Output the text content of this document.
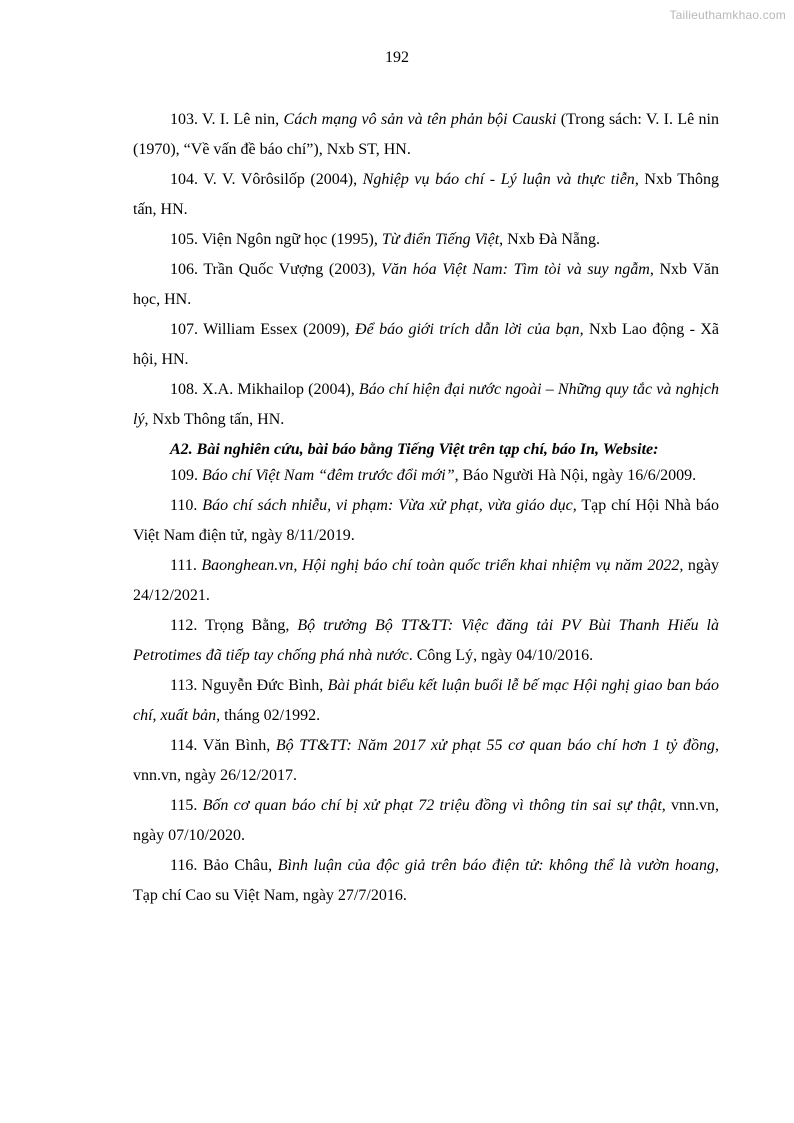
Tailieuthamkhao.com
192

103. V. I. Lê nin, Cách mạng vô sản và tên phản bội Causki (Trong sách: V. I. Lê nin (1970), “Về vấn đề báo chí”), Nxb ST, HN.

104. V. V. Vôrôsilốp (2004), Nghiệp vụ báo chí - Lý luận và thực tiễn, Nxb Thông tấn, HN.

105. Viện Ngôn ngữ học (1995), Từ điển Tiếng Việt, Nxb Đà Nẵng.

106. Trần Quốc Vượng (2003), Văn hóa Việt Nam: Tìm tòi và suy ngẫm, Nxb Văn học, HN.

107. William Essex (2009), Để báo giới trích dẫn lời của bạn, Nxb Lao động - Xã hội, HN.

108. X.A. Mikhailop (2004), Báo chí hiện đại nước ngoài – Những quy tắc và nghịch lý, Nxb Thông tấn, HN.

A2. Bài nghiên cứu, bài báo bằng Tiếng Việt trên tạp chí, báo In, Website:

109. Báo chí Việt Nam “đêm trước đổi mới”, Báo Người Hà Nội, ngày 16/6/2009.

110. Báo chí sách nhiễu, vi phạm: Vừa xử phạt, vừa giáo dục, Tạp chí Hội Nhà báo Việt Nam điện tử, ngày 8/11/2019.

111. Baonghean.vn, Hội nghị báo chí toàn quốc triển khai nhiệm vụ năm 2022, ngày 24/12/2021.

112. Trọng Bằng, Bộ trưởng Bộ TT&TT: Việc đăng tải PV Bùi Thanh Hiếu là Petrotimes đã tiếp tay chống phá nhà nước. Công Lý, ngày 04/10/2016.

113. Nguyễn Đức Bình, Bài phát biểu kết luận buổi lễ bế mạc Hội nghị giao ban báo chí, xuất bản, tháng 02/1992.

114. Văn Bình, Bộ TT&TT: Năm 2017 xử phạt 55 cơ quan báo chí hơn 1 tỷ đồng, vnn.vn, ngày 26/12/2017.

115. Bốn cơ quan báo chí bị xử phạt 72 triệu đồng vì thông tin sai sự thật, vnn.vn, ngày 07/10/2020.

116. Bảo Châu, Bình luận của độc giả trên báo điện tử: không thể là vườn hoang, Tạp chí Cao su Việt Nam, ngày 27/7/2016.
